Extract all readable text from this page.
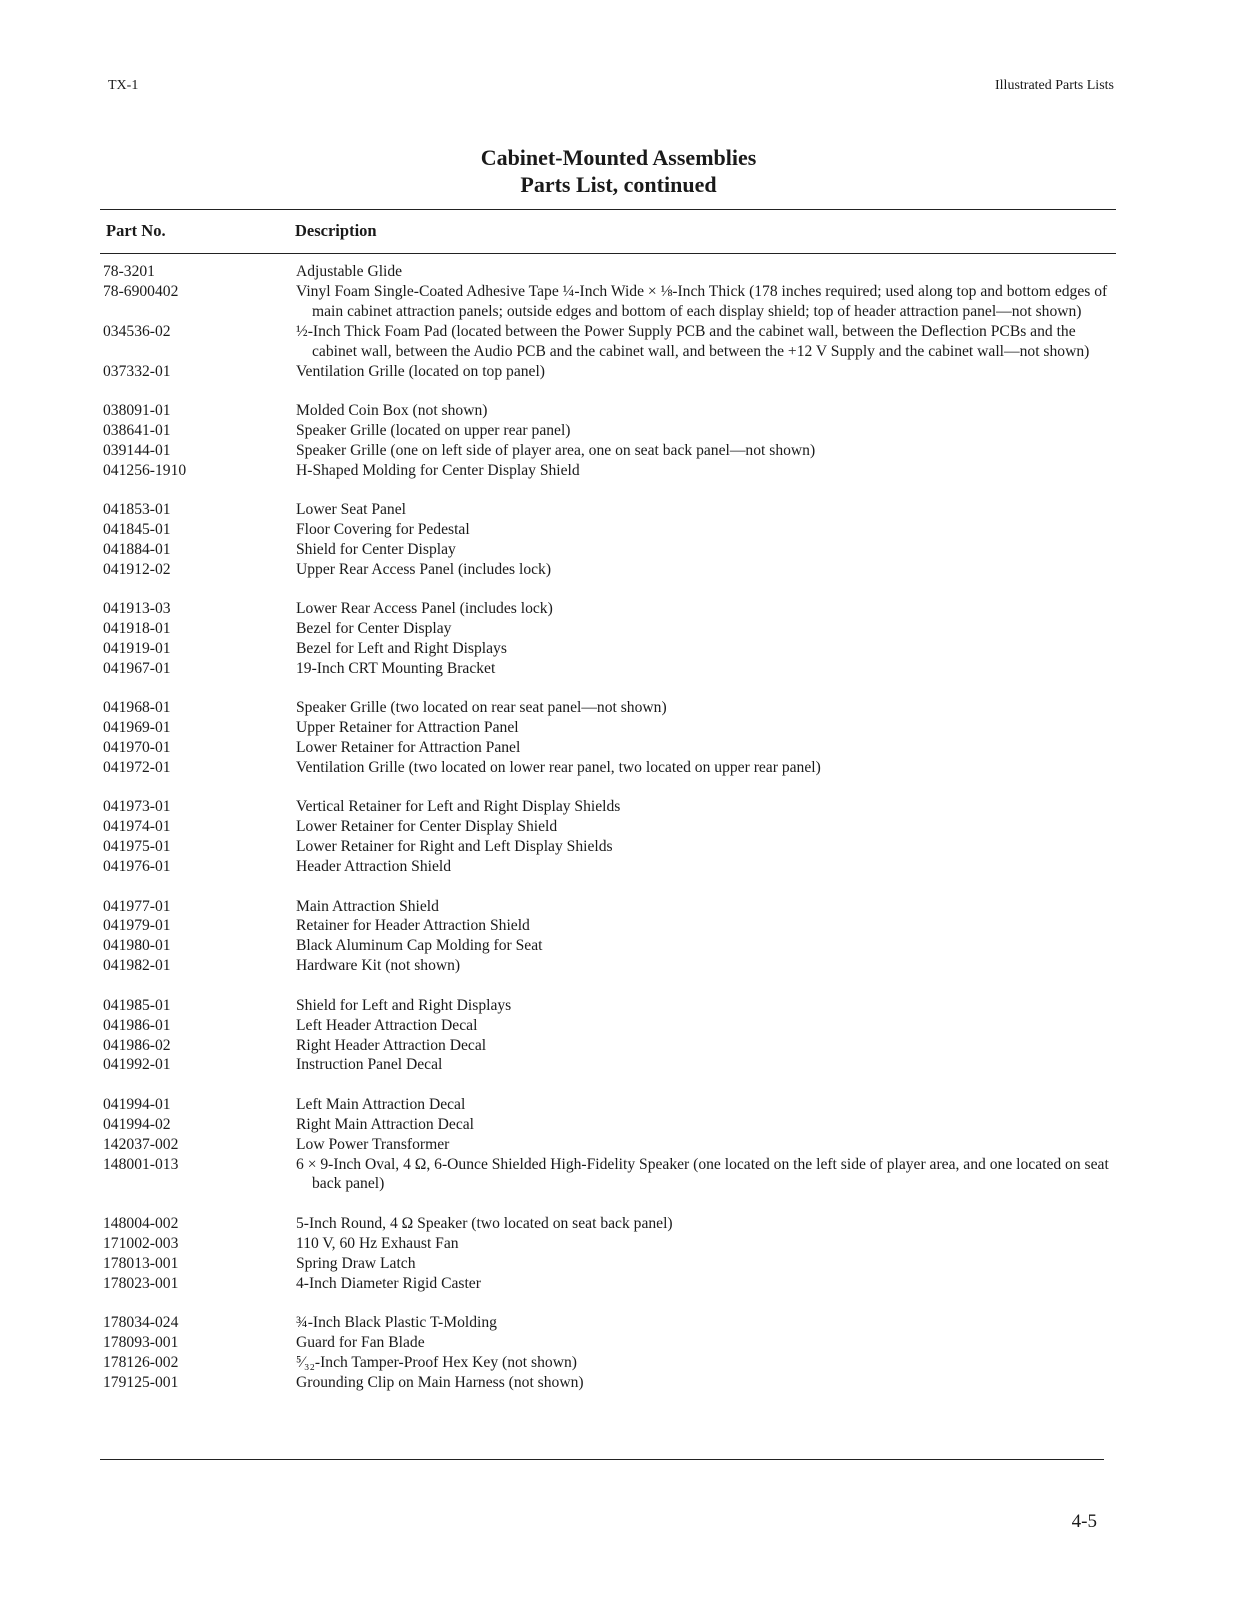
TX-1	Illustrated Parts Lists
Cabinet-Mounted Assemblies
Parts List, continued
Part No.	Description
78-3201	Adjustable Glide
78-6900402	Vinyl Foam Single-Coated Adhesive Tape ¼-Inch Wide × ⅛-Inch Thick (178 inches required; used along top and bottom edges of main cabinet attraction panels; outside edges and bottom of each display shield; top of header attraction panel—not shown)
034536-02	½-Inch Thick Foam Pad (located between the Power Supply PCB and the cabinet wall, between the Deflection PCBs and the cabinet wall, between the Audio PCB and the cabinet wall, and between the +12 V Supply and the cabinet wall—not shown)
037332-01	Ventilation Grille (located on top panel)
038091-01	Molded Coin Box (not shown)
038641-01	Speaker Grille (located on upper rear panel)
039144-01	Speaker Grille (one on left side of player area, one on seat back panel—not shown)
041256-1910	H-Shaped Molding for Center Display Shield
041853-01	Lower Seat Panel
041845-01	Floor Covering for Pedestal
041884-01	Shield for Center Display
041912-02	Upper Rear Access Panel (includes lock)
041913-03	Lower Rear Access Panel (includes lock)
041918-01	Bezel for Center Display
041919-01	Bezel for Left and Right Displays
041967-01	19-Inch CRT Mounting Bracket
041968-01	Speaker Grille (two located on rear seat panel—not shown)
041969-01	Upper Retainer for Attraction Panel
041970-01	Lower Retainer for Attraction Panel
041972-01	Ventilation Grille (two located on lower rear panel, two located on upper rear panel)
041973-01	Vertical Retainer for Left and Right Display Shields
041974-01	Lower Retainer for Center Display Shield
041975-01	Lower Retainer for Right and Left Display Shields
041976-01	Header Attraction Shield
041977-01	Main Attraction Shield
041979-01	Retainer for Header Attraction Shield
041980-01	Black Aluminum Cap Molding for Seat
041982-01	Hardware Kit (not shown)
041985-01	Shield for Left and Right Displays
041986-01	Left Header Attraction Decal
041986-02	Right Header Attraction Decal
041992-01	Instruction Panel Decal
041994-01	Left Main Attraction Decal
041994-02	Right Main Attraction Decal
142037-002	Low Power Transformer
148001-013	6 × 9-Inch Oval, 4 Ω, 6-Ounce Shielded High-Fidelity Speaker (one located on the left side of player area, and one located on seat back panel)
148004-002	5-Inch Round, 4 Ω Speaker (two located on seat back panel)
171002-003	110 V, 60 Hz Exhaust Fan
178013-001	Spring Draw Latch
178023-001	4-Inch Diameter Rigid Caster
178034-024	¾-Inch Black Plastic T-Molding
178093-001	Guard for Fan Blade
178126-002	⁵⁄₃₂-Inch Tamper-Proof Hex Key (not shown)
179125-001	Grounding Clip on Main Harness (not shown)
4-5
